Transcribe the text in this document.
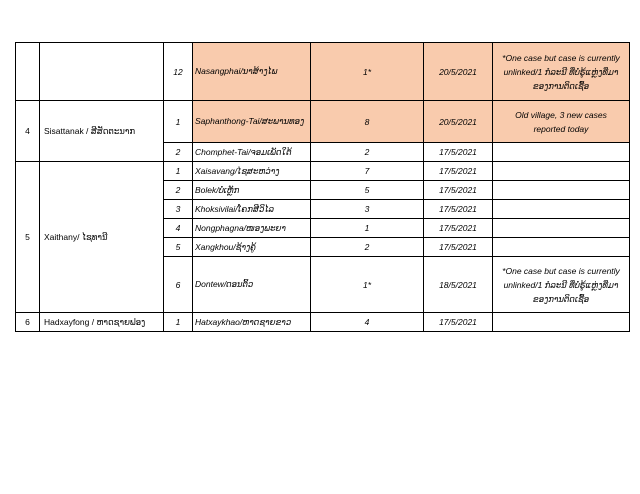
		12	Nasangphai/ນາສ້າງໄພ	1*	20/5/2021	*One case but case is currently
unlinked/1 ກໍລະນີ ທີ່ບໍ່ຮູ້ແຫຼ່ງທີ່ມາ
ຂອງການຕິດເຊື້ອ

4	Sisattanak / ສີສັດຕະນາກ	1	Saphanthong-Tai/ສະພານທອງ	8	20/5/2021	Old village, 3 new cases
reported today

		2	Chomphet-Tai/ຈອມເພັດໃຕ້	2	17/5/2021	
5	Xaithany/ ໄຊທານີ	1	Xaisavang/ໄຊສະຫວ່າງ	7	17/5/2021	
		2	Bolek/ບໍ່ເຫຼັກ	5	17/5/2021	
		3	Khoksivilai/ໂຄກສີວິໄລ	3	17/5/2021	
		4	Nongphagna/ໜອງພະຍາ	1	17/5/2021	
		5	Xangkhou/ຊ້າງຄູ້	2	17/5/2021	
		6	Dontew/ດອນຕິ້ວ	1*	18/5/2021	*One case but case is currently
unlinked/1 ກໍລະນີ ທີ່ບໍ່ຮູ້ແຫຼ່ງທີ່ມາ
ຂອງການຕິດເຊື້ອ

6	Hadxayfong / ຫາດຊາຍຟອງ	1	Hatxaykhao/ຫາດຊາຍຂາວ	4	17/5/2021	
